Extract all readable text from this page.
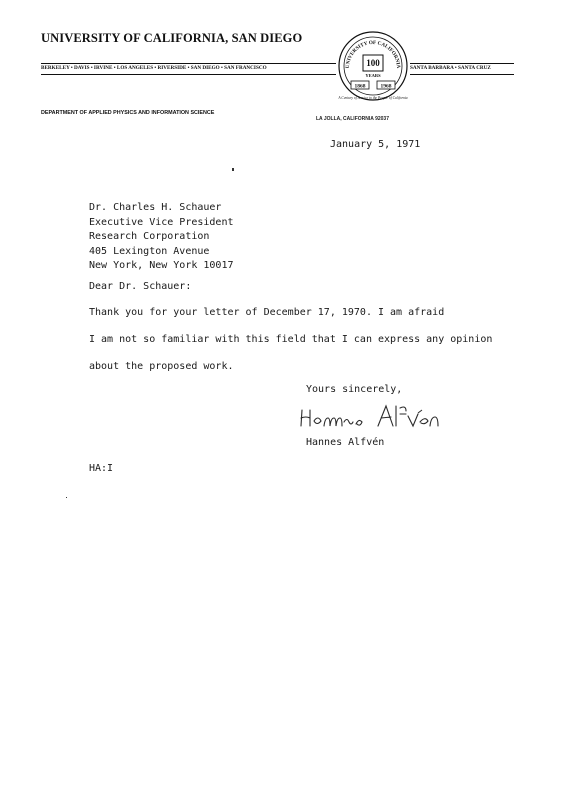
UNIVERSITY OF CALIFORNIA, SAN DIEGO
BERKELEY • DAVIS • IRVINE • LOS ANGELES • RIVERSIDE • SAN DIEGO • SAN FRANCISCO	SANTA BARBARA • SANTA CRUZ
UNIVERSITY OF CALIFORNIA
100
YEARS
1868	1968
A Century of Service to the People of California
DEPARTMENT OF APPLIED PHYSICS AND INFORMATION SCIENCE
LA JOLLA, CALIFORNIA 92037
January 5, 1971
Dr. Charles H. Schauer
Executive Vice President
Research Corporation
405 Lexington Avenue
New York, New York 10017
Dear Dr. Schauer:
Thank you for your letter of December 17, 1970. I am afraid
I am not so familiar with this field that I can express any opinion
about the proposed work.
Yours sincerely,
Hannes Alfvén
HA:I
